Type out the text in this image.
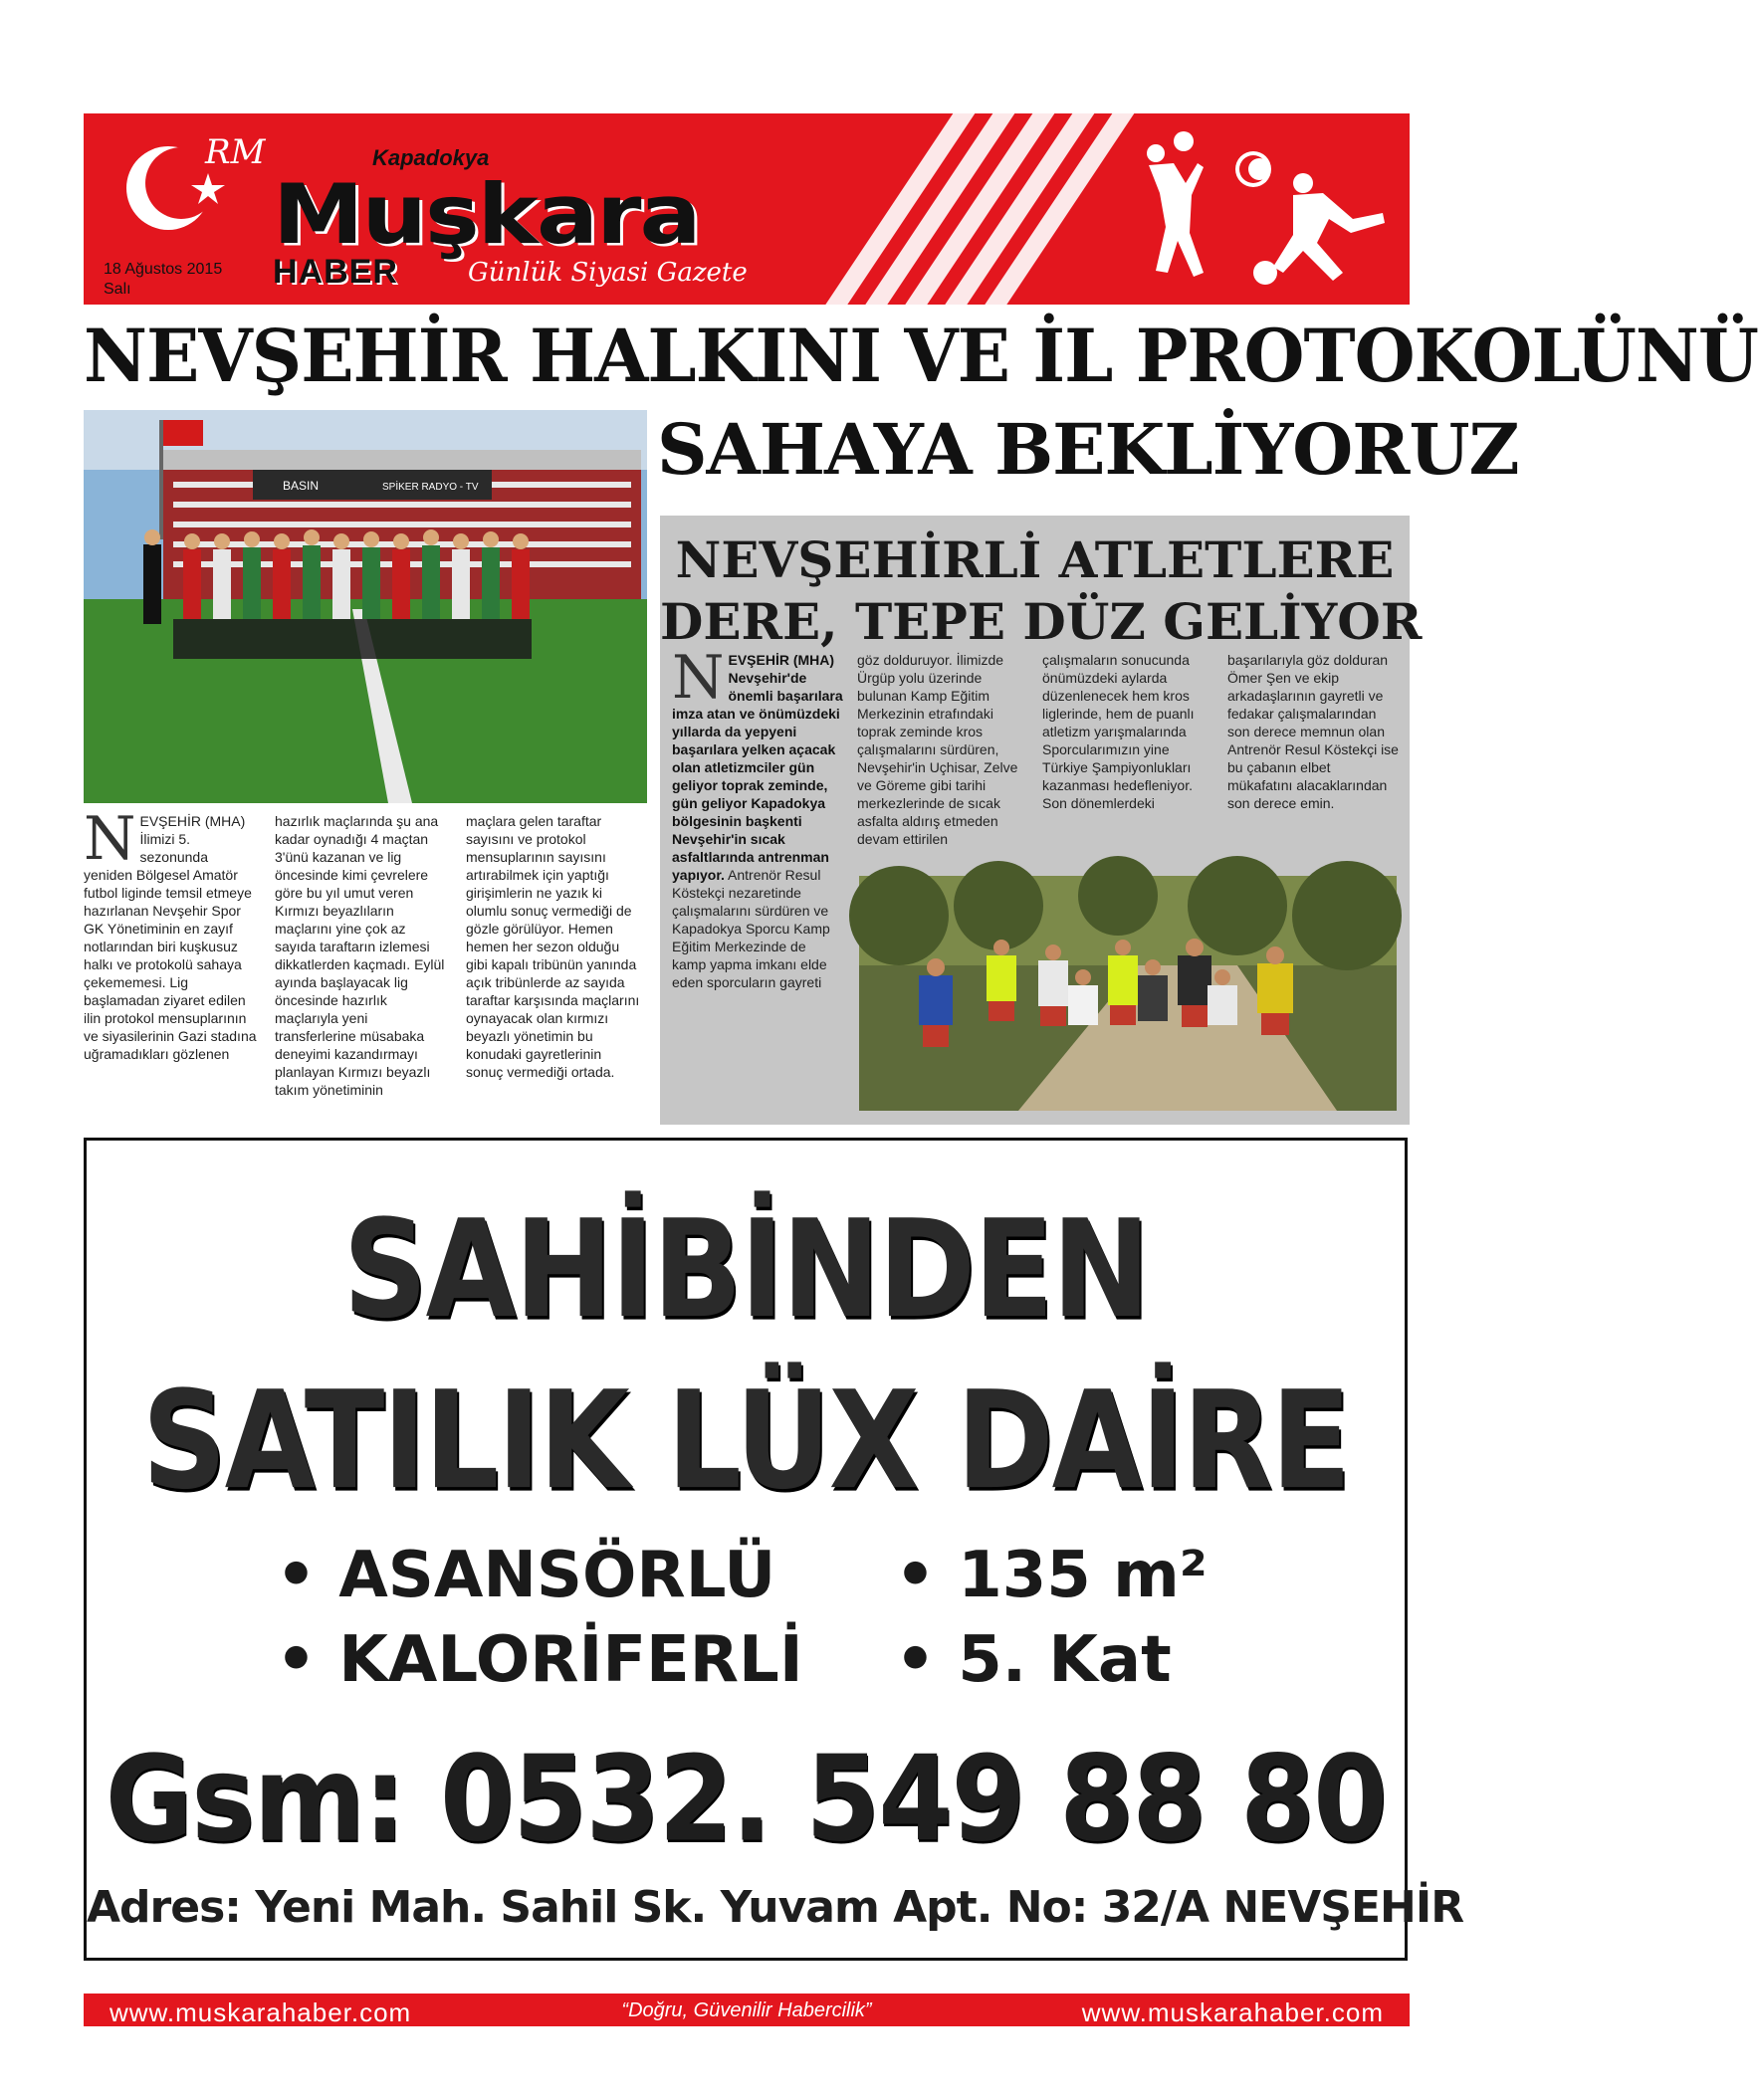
RM	Kapadokya
Muşkara
HABER	Günlük Siyasi Gazete
18 Ağustos 2015
Salı
NEVŞEHİR HALKINI VE İL PROTOKOLÜNÜ
SAHAYA BEKLİYORUZ
BASIN	SPİKER RADYO - TV
N EVŞEHİR (MHA) İlimizi 5. sezonunda yeniden Bölgesel Amatör futbol liginde temsil etmeye hazırlanan Nevşehir Spor GK Yönetiminin en zayıf notlarından biri kuşkusuz halkı ve protokolü sahaya çekememesi. Lig başlamadan ziyaret edilen ilin protokol mensuplarının ve siyasilerinin Gazi stadına uğramadıkları gözlenen
hazırlık maçlarında şu ana kadar oynadığı 4 maçtan 3'ünü kazanan ve lig öncesinde kimi çevrelere göre bu yıl umut veren Kırmızı beyazlıların maçlarını yine çok az sayıda taraftarın izlemesi dikkatlerden kaçmadı. Eylül ayında başlayacak lig öncesinde hazırlık maçlarıyla yeni transferlerine müsabaka deneyimi kazandırmayı planlayan Kırmızı beyazlı takım yönetiminin
maçlara gelen taraftar sayısını ve protokol mensuplarının sayısını artırabilmek için yaptığı girişimlerin ne yazık ki olumlu sonuç vermediği de gözle görülüyor. Hemen hemen her sezon olduğu gibi kapalı tribünün yanında açık tribünlerde az sayıda taraftar karşısında maçlarını oynayacak olan kırmızı beyazlı yönetimin bu konudaki gayretlerinin sonuç vermediği ortada.
NEVŞEHİRLİ ATLETLERE
DERE, TEPE DÜZ GELİYOR
N EVŞEHİR (MHA) Nevşehir'de önemli başarılara imza atan ve önümüzdeki yıllarda da yepyeni başarılara yelken açacak olan atletizmciler gün geliyor toprak zeminde, gün geliyor Kapadokya bölgesinin başkenti Nevşehir'in sıcak asfaltlarında antrenman yapıyor. Antrenör Resul Köstekçi nezaretinde çalışmalarını sürdüren ve Kapadokya Sporcu Kamp Eğitim Merkezinde de kamp yapma imkanı elde eden sporcuların gayreti
göz dolduruyor. İlimizde Ürgüp yolu üzerinde bulunan Kamp Eğitim Merkezinin etrafındaki toprak zeminde kros çalışmalarını sürdüren, Nevşehir'in Uçhisar, Zelve ve Göreme gibi tarihi merkezlerinde de sıcak asfalta aldırış etmeden devam ettirilen
çalışmaların sonucunda önümüzdeki aylarda düzenlenecek hem kros liglerinde, hem de puanlı atletizm yarışmalarında Sporcularımızın yine Türkiye Şampiyonlukları kazanması hedefleniyor. Son dönemlerdeki
başarılarıyla göz dolduran Ömer Şen ve ekip arkadaşlarının gayretli ve fedakar çalışmalarından son derece memnun olan Antrenör Resul Köstekçi ise bu çabanın elbet mükafatını alacaklarından son derece emin.
SAHİBİNDEN
SATILIK LÜX DAİRE
• ASANSÖRLÜ • 135 m²
• KALORİFERLİ • 5. Kat
Gsm: 0532. 549 88 80
Adres: Yeni Mah. Sahil Sk. Yuvam Apt. No: 32/A NEVŞEHİR
www.muskarahaber.com	“Doğru, Güvenilir Habercilik”	www.muskarahaber.com
